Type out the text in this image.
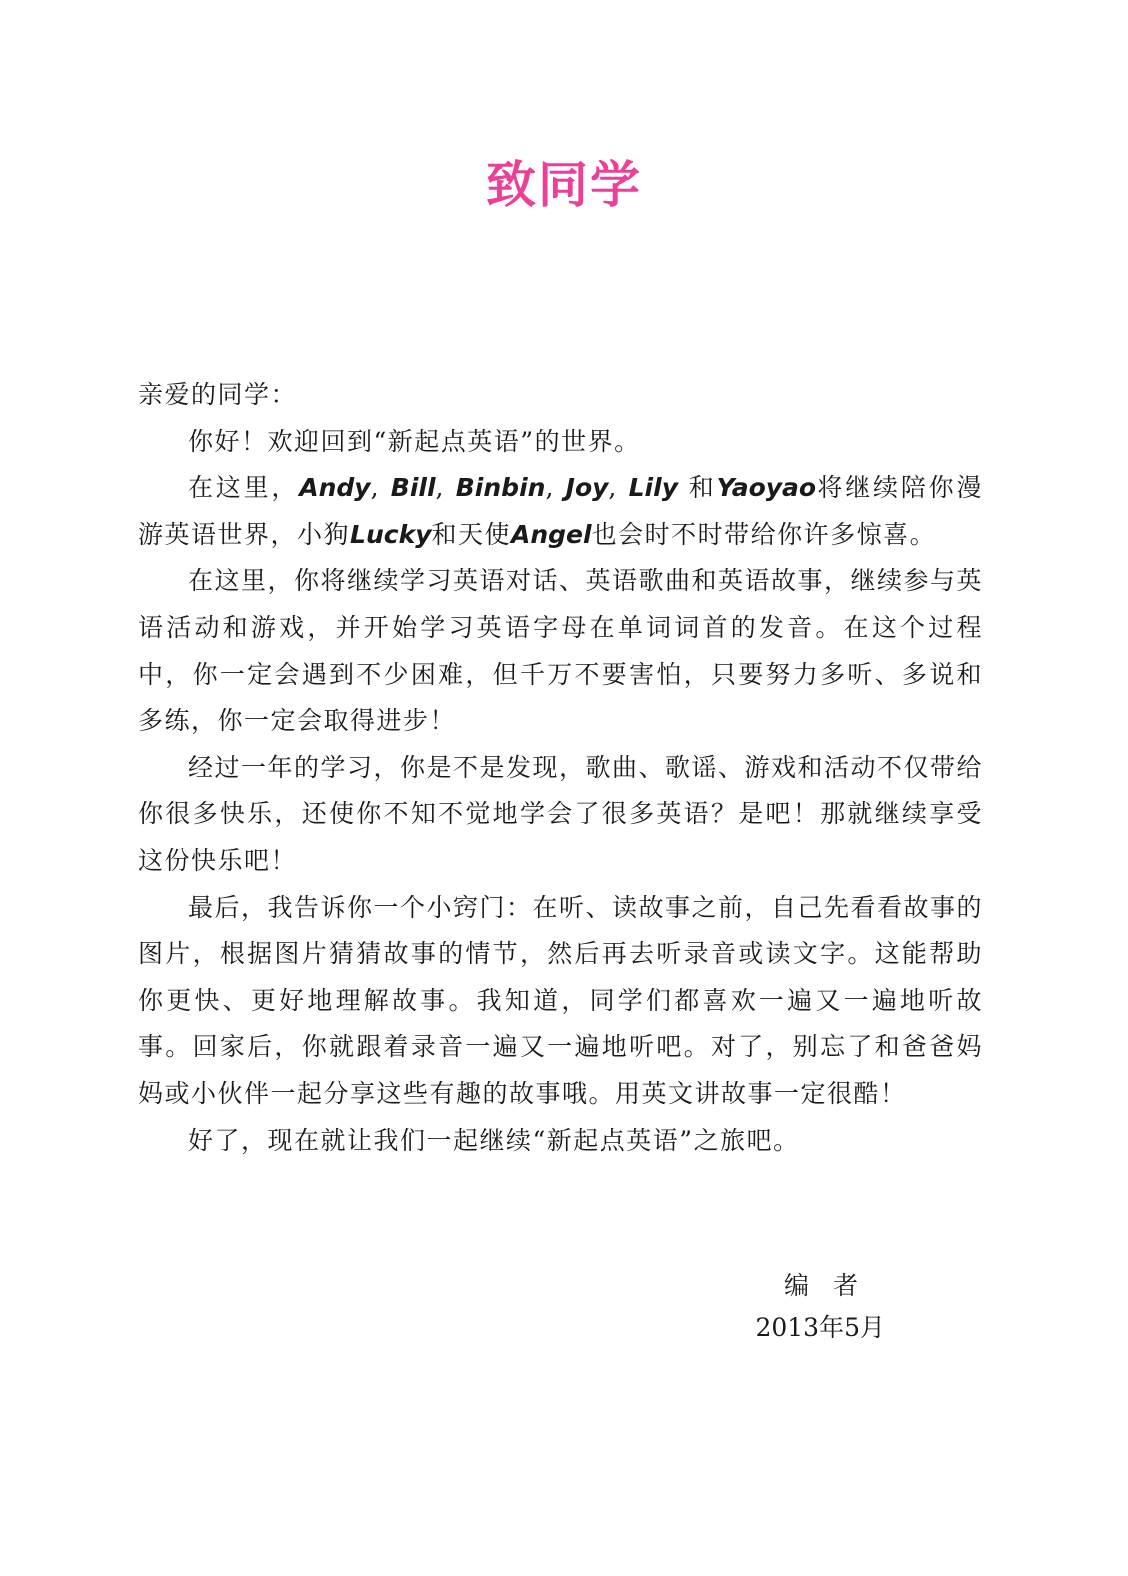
致同学

亲爱的同学：

你好！欢迎回到“新起点英语”的世界。

在这里，Andy, Bill, Binbin, Joy, Lily 和Yaoyao将继续陪你漫游英语世界，小狗Lucky和天使Angel也会时不时带给你许多惊喜。

在这里，你将继续学习英语对话、英语歌曲和英语故事，继续参与英语活动和游戏，并开始学习英语字母在单词词首的发音。在这个过程中，你一定会遇到不少困难，但千万不要害怕，只要努力多听、多说和多练，你一定会取得进步！

经过一年的学习，你是不是发现，歌曲、歌谣、游戏和活动不仅带给你很多快乐，还使你不知不觉地学会了很多英语？是吧！那就继续享受这份快乐吧！

最后，我告诉你一个小窍门：在听、读故事之前，自己先看看故事的图片，根据图片猜猜故事的情节，然后再去听录音或读文字。这能帮助你更快、更好地理解故事。我知道，同学们都喜欢一遍又一遍地听故事。回家后，你就跟着录音一遍又一遍地听吧。对了，别忘了和爸爸妈妈或小伙伴一起分享这些有趣的故事哦。用英文讲故事一定很酷！

好了，现在就让我们一起继续“新起点英语”之旅吧。

编者
2013年5月
